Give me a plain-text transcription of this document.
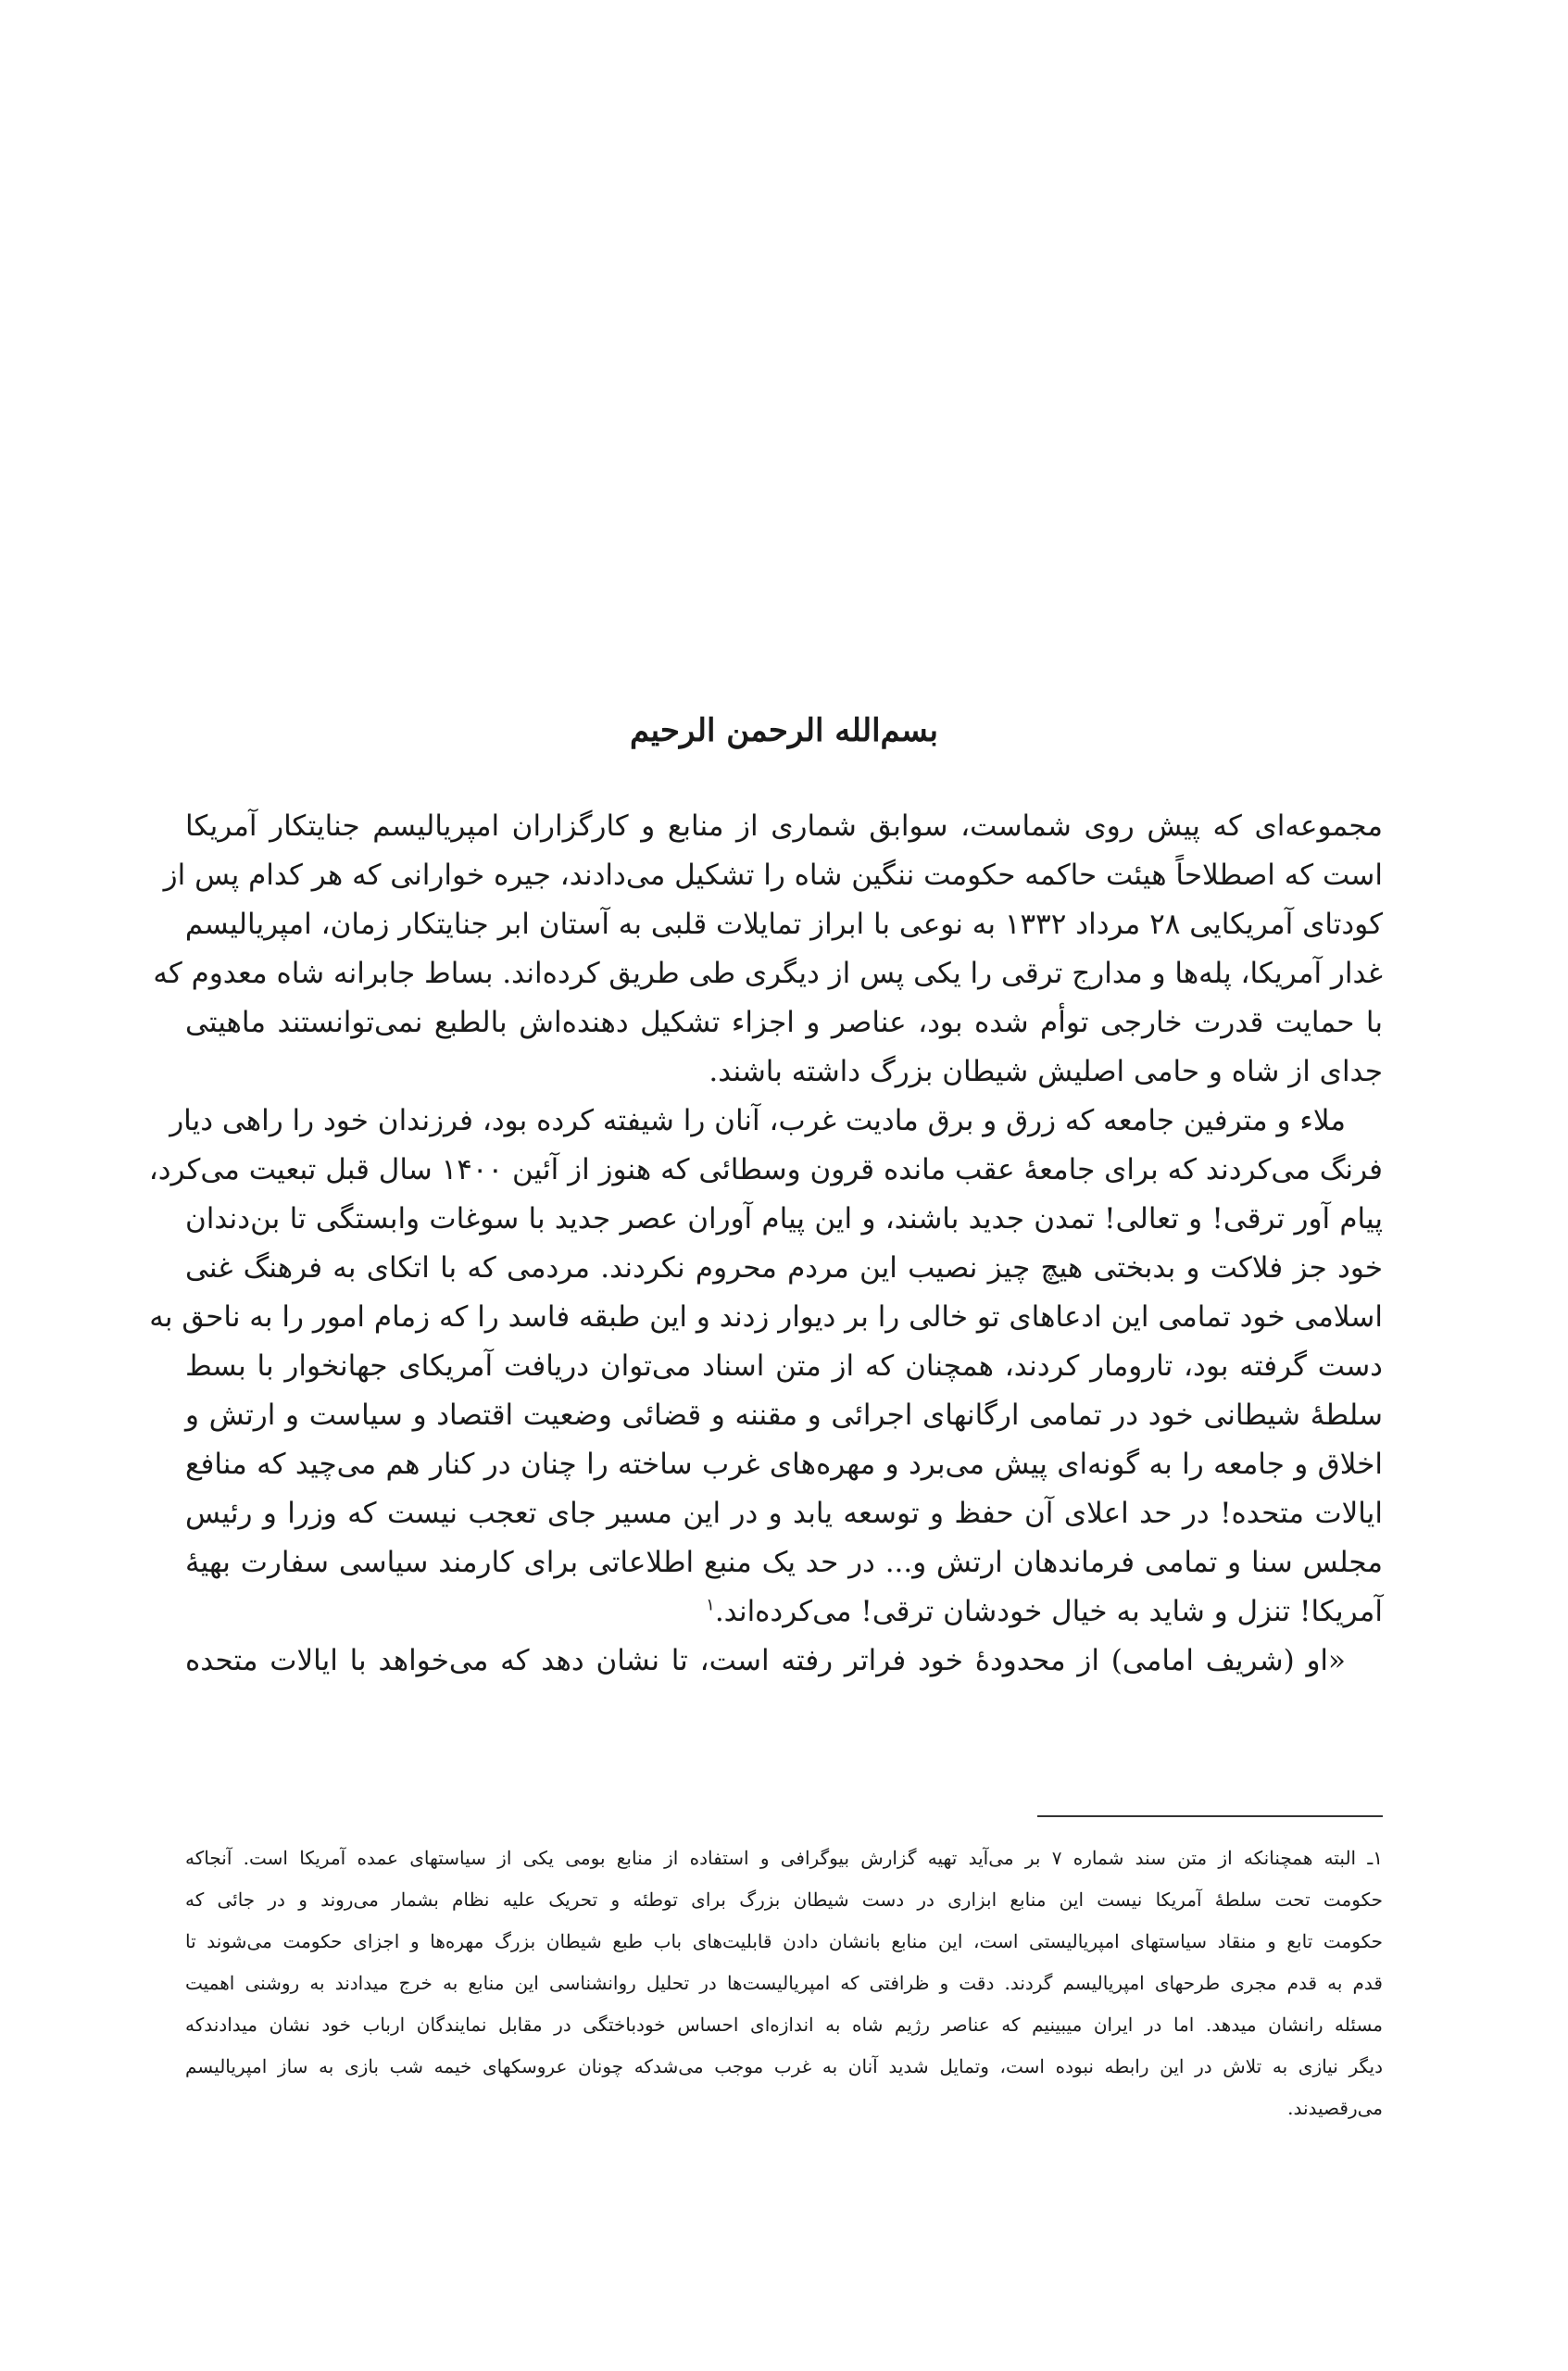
بسم‌الله الرحمن الرحیم
مجموعه‌ای که پیش روی شماست، سوابق شماری از منابع و کارگزاران امپریالیسم جنایتکار آمریکا
است که اصطلاحاً هیئت حاکمه حکومت ننگین شاه را تشکیل می‌دادند، جیره خوارانی که هر کدام پس از
کودتای آمریکایی ۲۸ مرداد ۱۳۳۲ به نوعی با ابراز تمایلات قلبی به آستان ابر جنایتکار زمان، امپریالیسم
غدار آمریکا، پله‌ها و مدارج ترقی را یکی پس از دیگری طی طریق کرده‌اند. بساط جابرانه شاه معدوم که
با حمایت قدرت خارجی توأم شده بود، عناصر و اجزاء تشکیل دهنده‌اش بالطبع نمی‌توانستند ماهیتی
جدای از شاه و حامی اصلیش شیطان بزرگ داشته باشند.
ملاء و مترفین جامعه که زرق و برق مادیت غرب، آنان را شیفته کرده بود، فرزندان خود را راهی دیار
فرنگ می‌کردند که برای جامعهٔ عقب مانده قرون وسطائی که هنوز از آئین ۱۴۰۰ سال قبل تبعیت می‌کرد،
پیام آور ترقی! و تعالی! تمدن جدید باشند، و این پیام آوران عصر جدید با سوغات وابستگی تا بن‌دندان
خود جز فلاکت و بدبختی هیچ چیز نصیب این مردم محروم نکردند. مردمی که با اتکای به فرهنگ غنی
اسلامی خود تمامی این ادعاهای تو خالی را بر دیوار زدند و این طبقه فاسد را که زمام امور را به ناحق به
دست گرفته بود، تارومار کردند، همچنان که از متن اسناد می‌توان دریافت آمریکای جهانخوار با بسط
سلطهٔ شیطانی خود در تمامی ارگانهای اجرائی و مقننه و قضائی وضعیت اقتصاد و سیاست و ارتش و
اخلاق و جامعه را به گونه‌ای پیش می‌برد و مهره‌های غرب ساخته را چنان در کنار هم می‌چید که منافع
ایالات متحده! در حد اعلای آن حفظ و توسعه یابد و در این مسیر جای تعجب نیست که وزرا و رئیس
مجلس سنا و تمامی فرماندهان ارتش و... در حد یک منبع اطلاعاتی برای کارمند سیاسی سفارت بهیهٔ
آمریکا! تنزل و شاید به خیال خودشان ترقی! می‌کرده‌اند.$^۱$
«او (شریف امامی) از محدودهٔ خود فراتر رفته است، تا نشان دهد که می‌خواهد با ایالات متحده
۱ـ البته همچنانکه از متن سند شماره ۷ بر می‌آید تهیه گزارش بیوگرافی و استفاده از منابع بومی یکی از سیاستهای عمده آمریکا است. آنجاکه
حکومت تحت سلطهٔ آمریکا نیست این منابع ابزاری در دست شیطان بزرگ برای توطئه و تحریک علیه نظام بشمار می‌روند و در جائی که
حکومت تابع و منقاد سیاستهای امپریالیستی است، این منابع بانشان دادن قابلیت‌های باب طبع شیطان بزرگ مهره‌ها و اجزای حکومت می‌شوند تا
قدم به قدم مجری طرحهای امپریالیسم گردند. دقت و ظرافتی که امپریالیست‌ها در تحلیل روانشناسی این منابع به خرج میدادند به روشنی اهمیت
مسئله رانشان میدهد. اما در ایران میبینیم که عناصر رژیم شاه به اندازه‌ای احساس خودباختگی در مقابل نمایندگان ارباب خود نشان میدادندکه
دیگر نیازی به تلاش در این رابطه نبوده است، وتمایل شدید آنان به غرب موجب می‌شدکه چونان عروسکهای خیمه شب بازی به ساز امپریالیسم
می‌رقصیدند.
